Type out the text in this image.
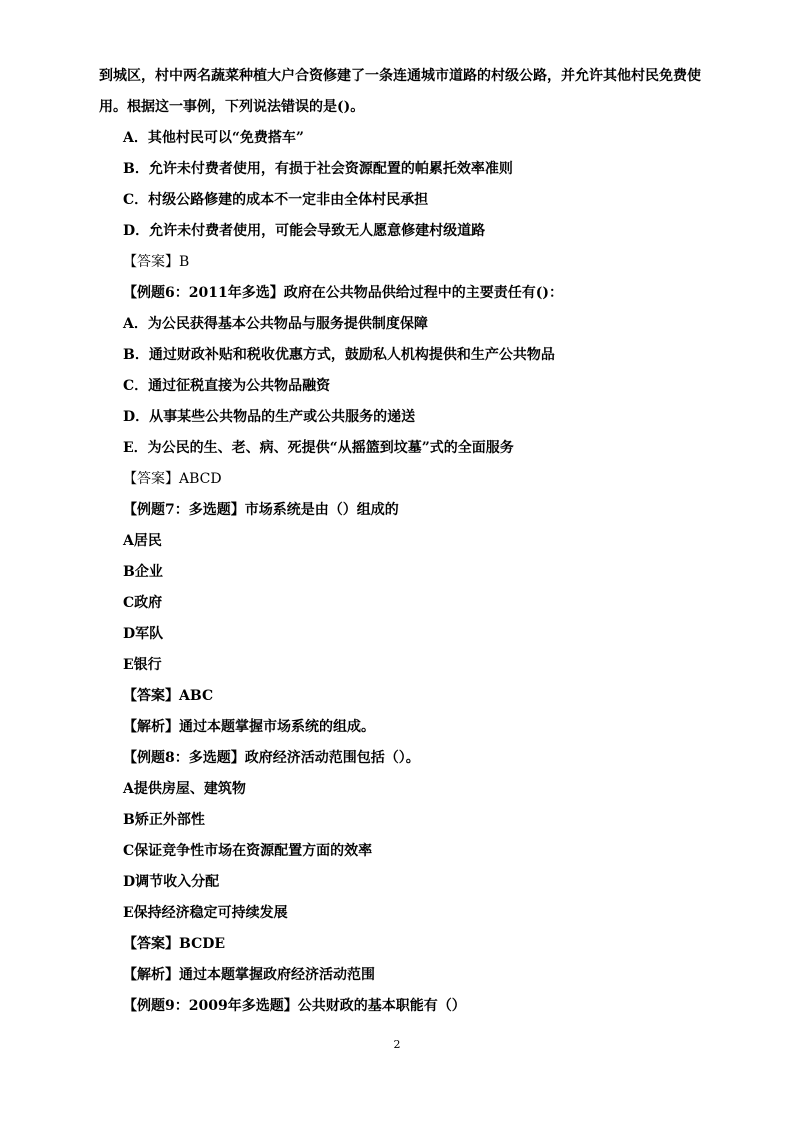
到城区，村中两名蔬菜种植大户合资修建了一条连通城市道路的村级公路，并允许其他村民免费使
用。根据这一事例，下列说法错误的是()。
A．其他村民可以“免费搭车”
B．允许未付费者使用，有损于社会资源配置的帕累托效率准则
C．村级公路修建的成本不一定非由全体村民承担
D．允许未付费者使用，可能会导致无人愿意修建村级道路
【答案】B
【例题6：2011年多选】政府在公共物品供给过程中的主要责任有()：
A．为公民获得基本公共物品与服务提供制度保障
B．通过财政补贴和税收优惠方式，鼓励私人机构提供和生产公共物品
C．通过征税直接为公共物品融资
D．从事某些公共物品的生产或公共服务的递送
E．为公民的生、老、病、死提供“从摇篮到坟墓”式的全面服务
【答案】ABCD
【例题7：多选题】市场系统是由（）组成的
A居民
B企业
C政府
D军队
E银行
【答案】ABC
【解析】通过本题掌握市场系统的组成。
【例题8：多选题】政府经济活动范围包括（）。
A提供房屋、建筑物
B矫正外部性
C保证竞争性市场在资源配置方面的效率
D调节收入分配
E保持经济稳定可持续发展
【答案】BCDE
【解析】通过本题掌握政府经济活动范围
【例题9：2009年多选题】公共财政的基本职能有（）
2
